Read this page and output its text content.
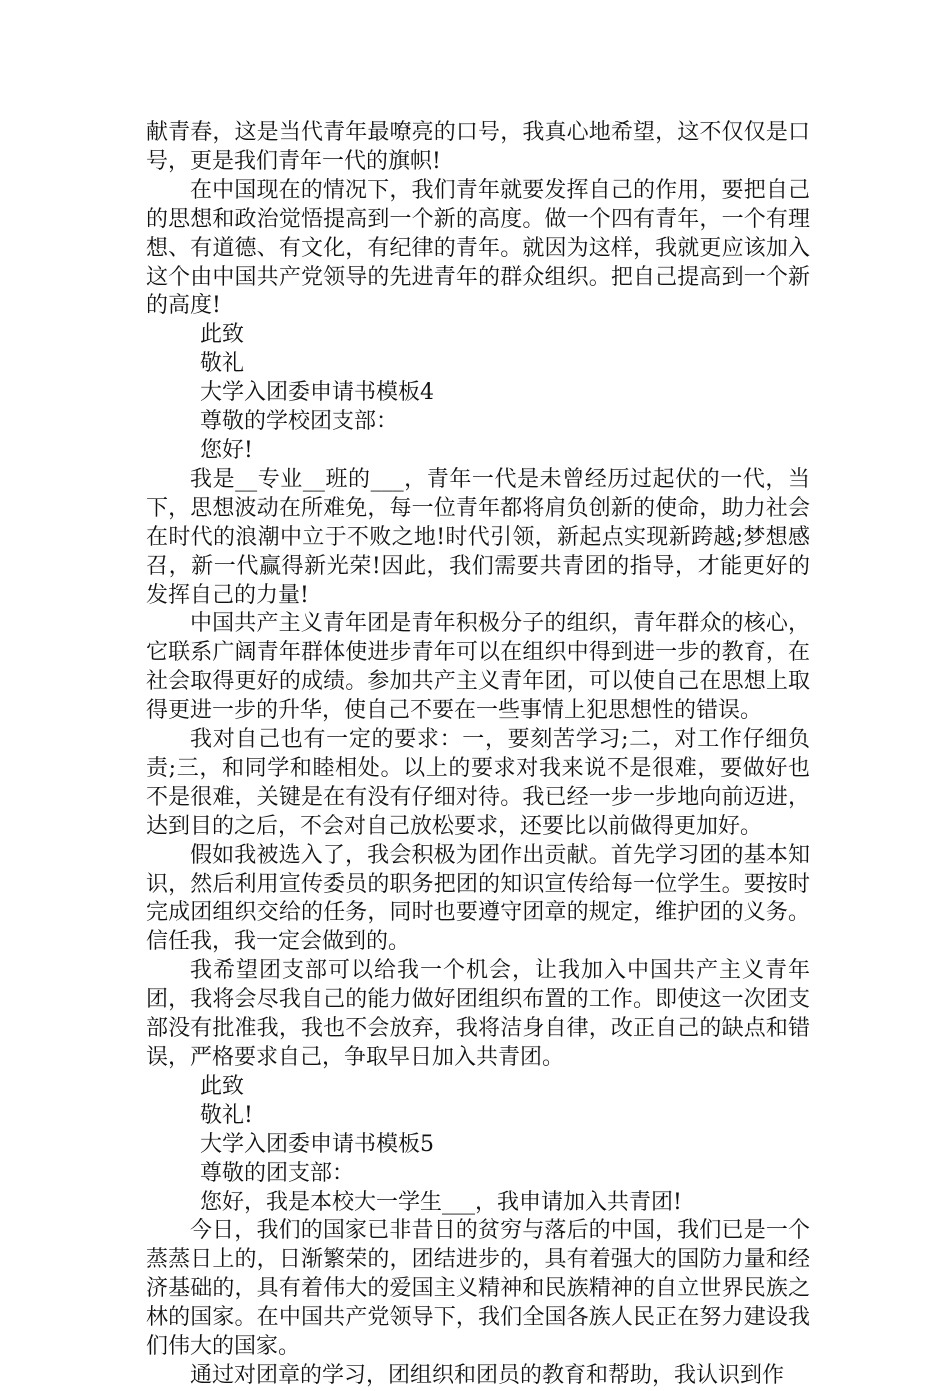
献青春，这是当代青年最嘹亮的口号，我真心地希望，这不仅仅是口号，更是我们青年一代的旗帜!

在中国现在的情况下，我们青年就要发挥自己的作用，要把自己的思想和政治觉悟提高到一个新的高度。做一个四有青年，一个有理想、有道德、有文化，有纪律的青年。就因为这样，我就更应该加入这个由中国共产党领导的先进青年的群众组织。把自己提高到一个新的高度!

此致

敬礼

大学入团委申请书模板4

尊敬的学校团支部：

您好!

我是__专业__班的___，青年一代是未曾经历过起伏的一代，当下，思想波动在所难免，每一位青年都将肩负创新的使命，助力社会在时代的浪潮中立于不败之地!时代引领，新起点实现新跨越;梦想感召，新一代赢得新光荣!因此，我们需要共青团的指导，才能更好的发挥自己的力量!

中国共产主义青年团是青年积极分子的组织，青年群众的核心，它联系广阔青年群体使进步青年可以在组织中得到进一步的教育，在社会取得更好的成绩。参加共产主义青年团，可以使自己在思想上取得更进一步的升华，使自己不要在一些事情上犯思想性的错误。

我对自己也有一定的要求：一，要刻苦学习;二，对工作仔细负责;三，和同学和睦相处。以上的要求对我来说不是很难，要做好也不是很难，关键是在有没有仔细对待。我已经一步一步地向前迈进，达到目的之后，不会对自己放松要求，还要比以前做得更加好。

假如我被选入了，我会积极为团作出贡献。首先学习团的基本知识，然后利用宣传委员的职务把团的知识宣传给每一位学生。要按时完成团组织交给的任务，同时也要遵守团章的规定，维护团的义务。信任我，我一定会做到的。

我希望团支部可以给我一个机会，让我加入中国共产主义青年团，我将会尽我自己的能力做好团组织布置的工作。即使这一次团支部没有批准我，我也不会放弃，我将洁身自律，改正自己的缺点和错误，严格要求自己，争取早日加入共青团。

此致

敬礼!

大学入团委申请书模板5

尊敬的团支部：

您好，我是本校大一学生___，我申请加入共青团!

今日，我们的国家已非昔日的贫穷与落后的中国，我们已是一个蒸蒸日上的，日渐繁荣的，团结进步的，具有着强大的国防力量和经济基础的，具有着伟大的爱国主义精神和民族精神的自立世界民族之林的国家。在中国共产党领导下，我们全国各族人民正在努力建设我们伟大的国家。

通过对团章的学习，团组织和团员的教育和帮助，我认识到作
